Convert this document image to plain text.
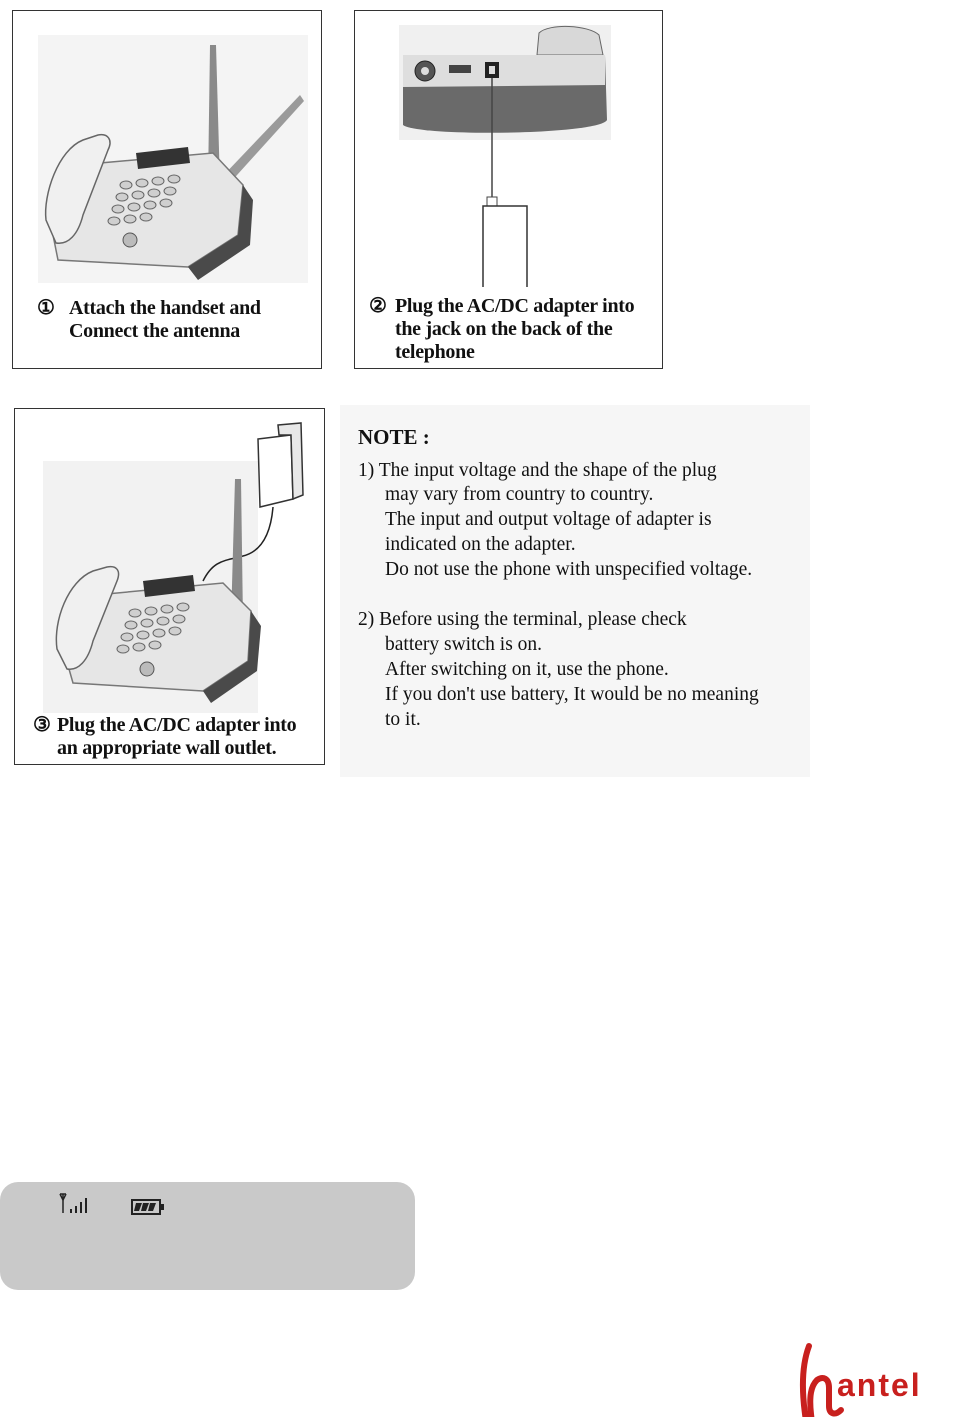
① Attach the handset and
Connect the antenna
② Plug the AC/DC adapter into
the jack on the back of the
telephone
③ Plug the AC/DC adapter into
an appropriate wall outlet.
NOTE :
1) The input voltage and the shape of the plug
may vary from country to country.
The input and output voltage of adapter is
indicated on the adapter.
Do not use the phone with unspecified voltage.
2) Before using the terminal, please check
battery switch is on.
After switching on it, use the phone.
If you don't use battery, It would be no meaning
to it.
antel
